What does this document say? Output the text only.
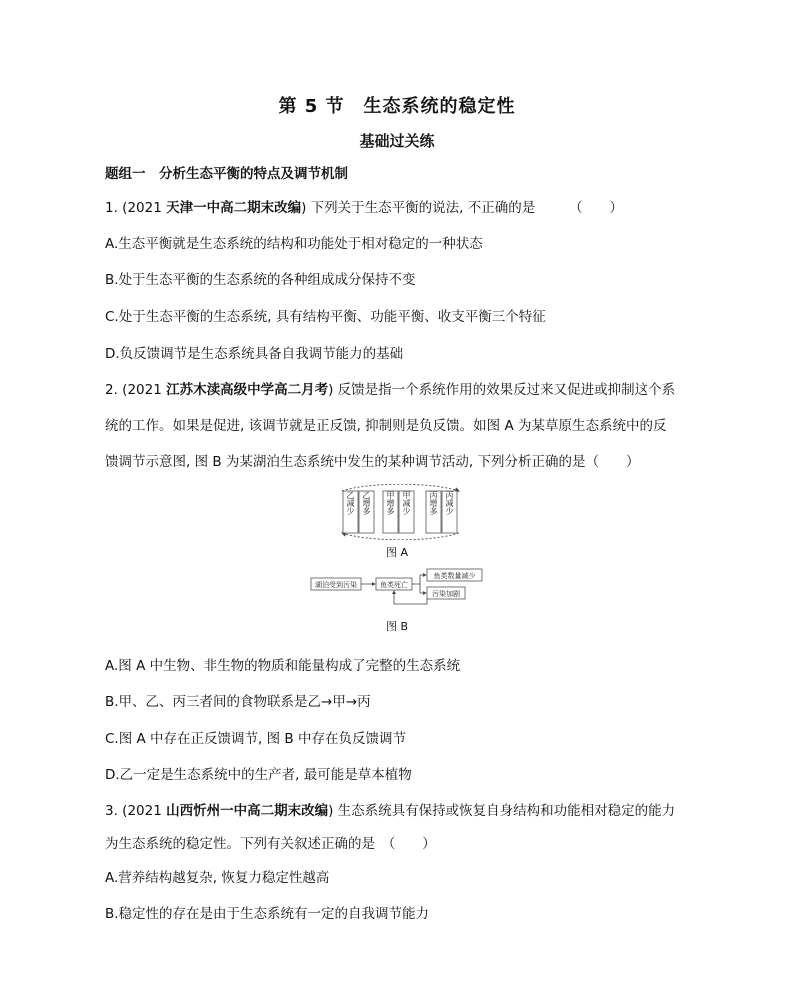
第 5 节　生态系统的稳定性
基础过关练
题组一　分析生态平衡的特点及调节机制
1. (2021 天津一中高二期末改编) 下列关于生态平衡的说法, 不正确的是　　　（　　）
A.生态平衡就是生态系统的结构和功能处于相对稳定的一种状态
B.处于生态平衡的生态系统的各种组成成分保持不变
C.处于生态平衡的生态系统, 具有结构平衡、功能平衡、收支平衡三个特征
D.负反馈调节是生态系统具备自我调节能力的基础
2. (2021 江苏木渎高级中学高二月考) 反馈是指一个系统作用的效果反过来又促进或抑制这个系
统的工作。如果是促进, 该调节就是正反馈, 抑制则是负反馈。如图 A 为某草原生态系统中的反
馈调节示意图, 图 B 为某湖泊生态系统中发生的某种调节活动, 下列分析正确的是（　　）
乙减少 乙增多 甲增多 甲减少 丙增多 丙减少
图 A
湖泊受到污染	鱼类死亡
鱼类数量减少
污染加剧
图 B
A.图 A 中生物、非生物的物质和能量构成了完整的生态系统
B.甲、乙、丙三者间的食物联系是乙→甲→丙
C.图 A 中存在正反馈调节, 图 B 中存在负反馈调节
D.乙一定是生态系统中的生产者, 最可能是草本植物
3. (2021 山西忻州一中高二期末改编) 生态系统具有保持或恢复自身结构和功能相对稳定的能力
为生态系统的稳定性。下列有关叙述正确的是　（　　）
A.营养结构越复杂, 恢复力稳定性越高
B.稳定性的存在是由于生态系统有一定的自我调节能力
